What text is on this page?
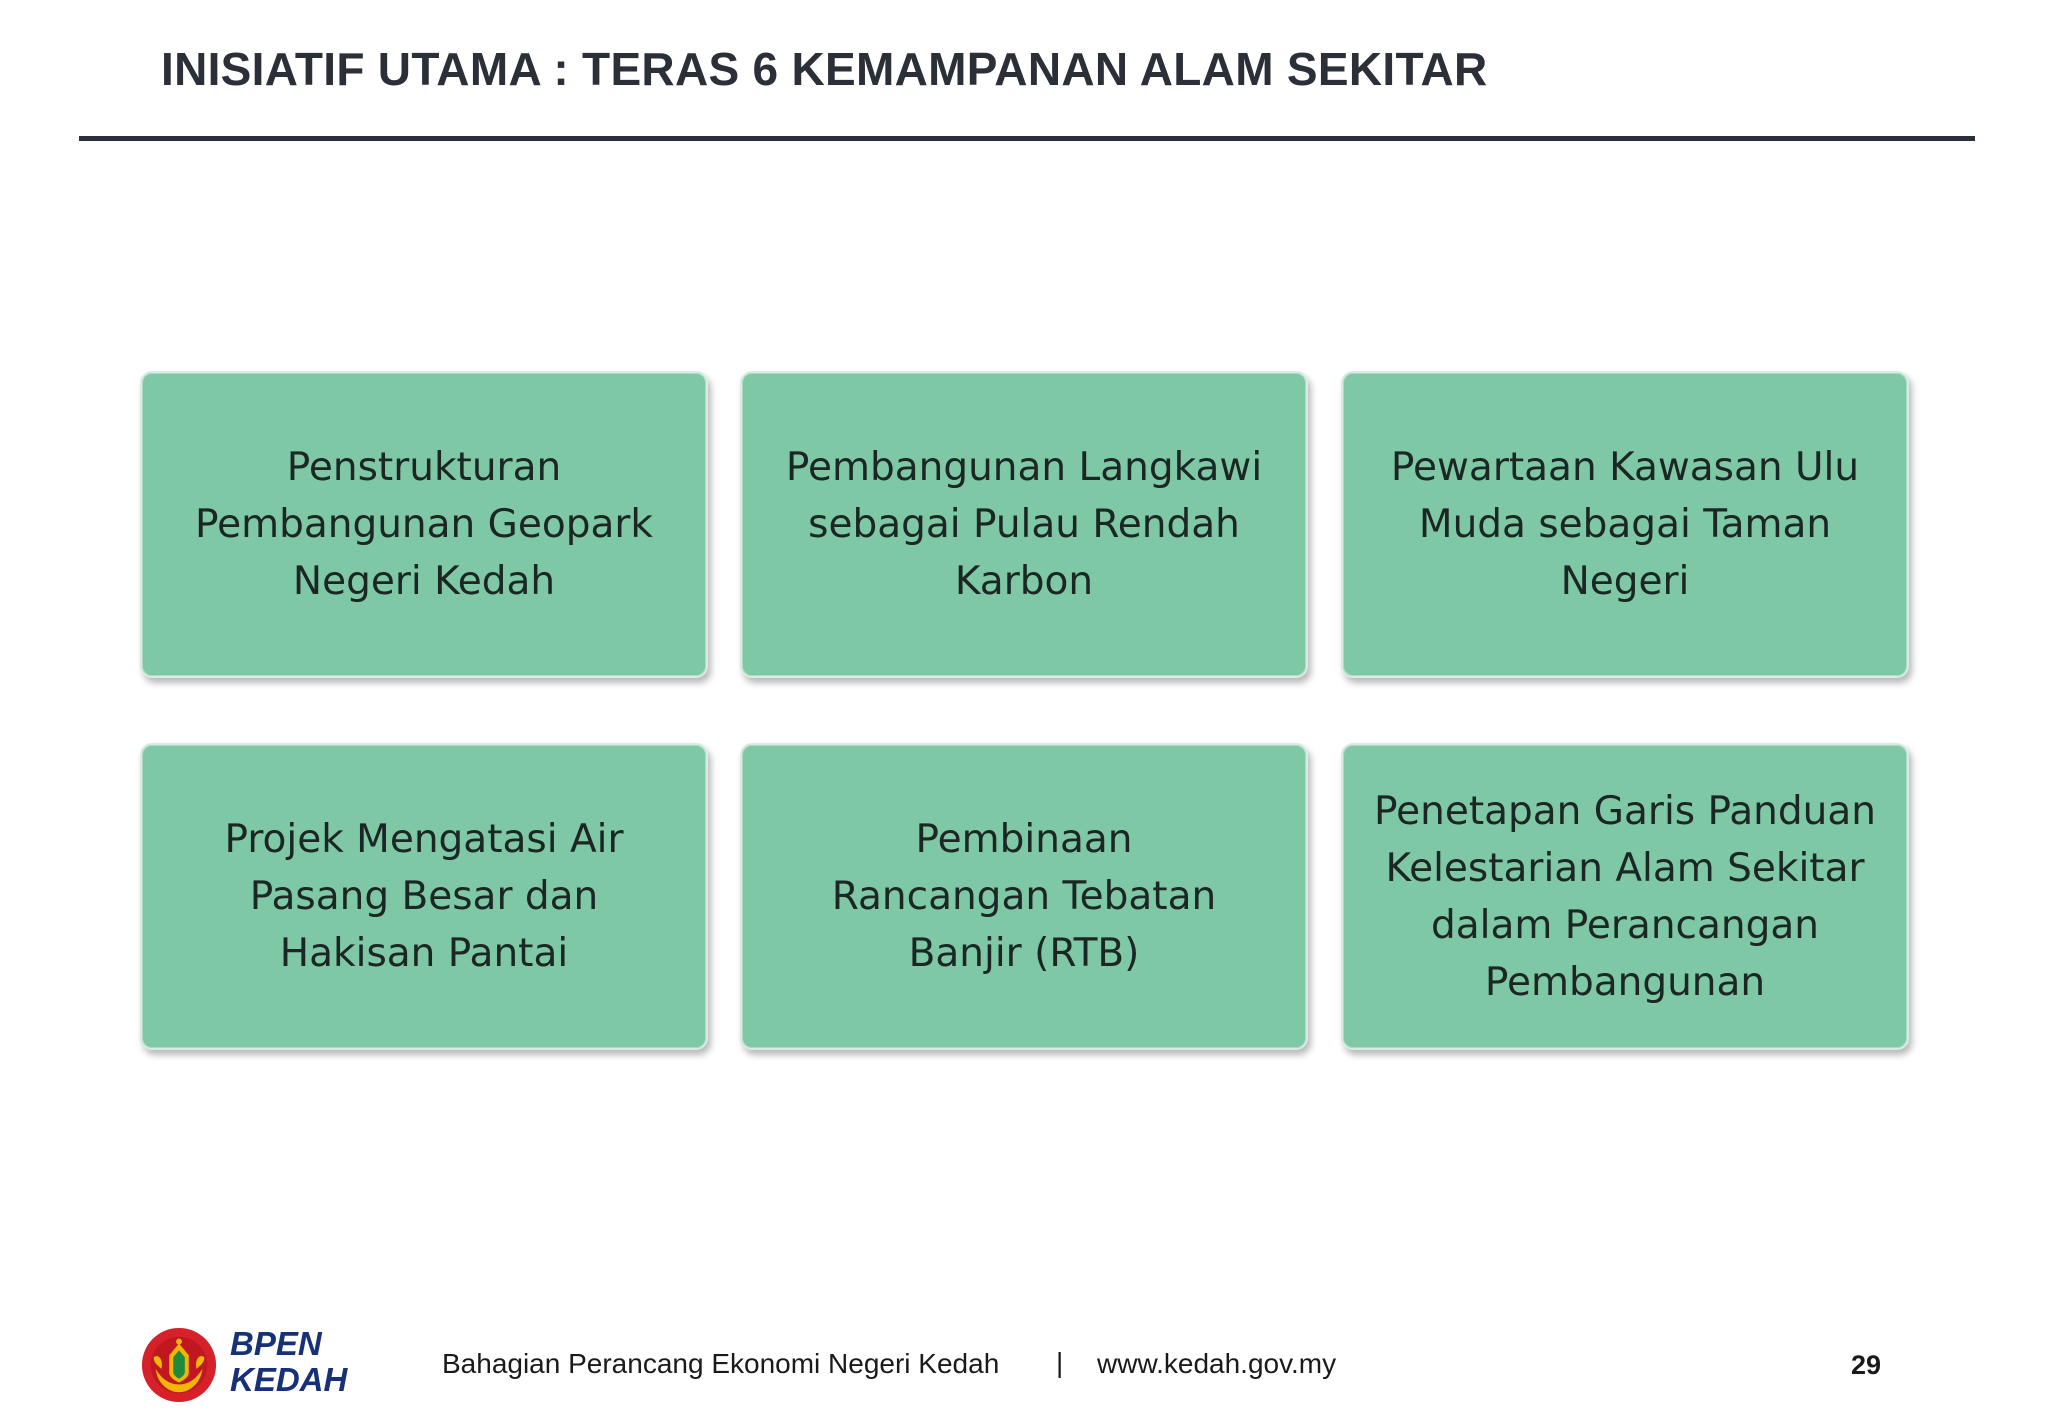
INISIATIF UTAMA : TERAS 6 KEMAMPANAN ALAM SEKITAR
Penstrukturan Pembangunan Geopark Negeri Kedah
Pembangunan Langkawi sebagai Pulau Rendah Karbon
Pewartaan Kawasan Ulu Muda sebagai Taman Negeri
Projek Mengatasi Air Pasang Besar dan Hakisan Pantai
Pembinaan Rancangan Tebatan Banjir (RTB)
Penetapan Garis Panduan Kelestarian Alam Sekitar dalam Perancangan Pembangunan
BPEN
KEDAH	Bahagian Perancang Ekonomi Negeri Kedah | www.kedah.gov.my	29
